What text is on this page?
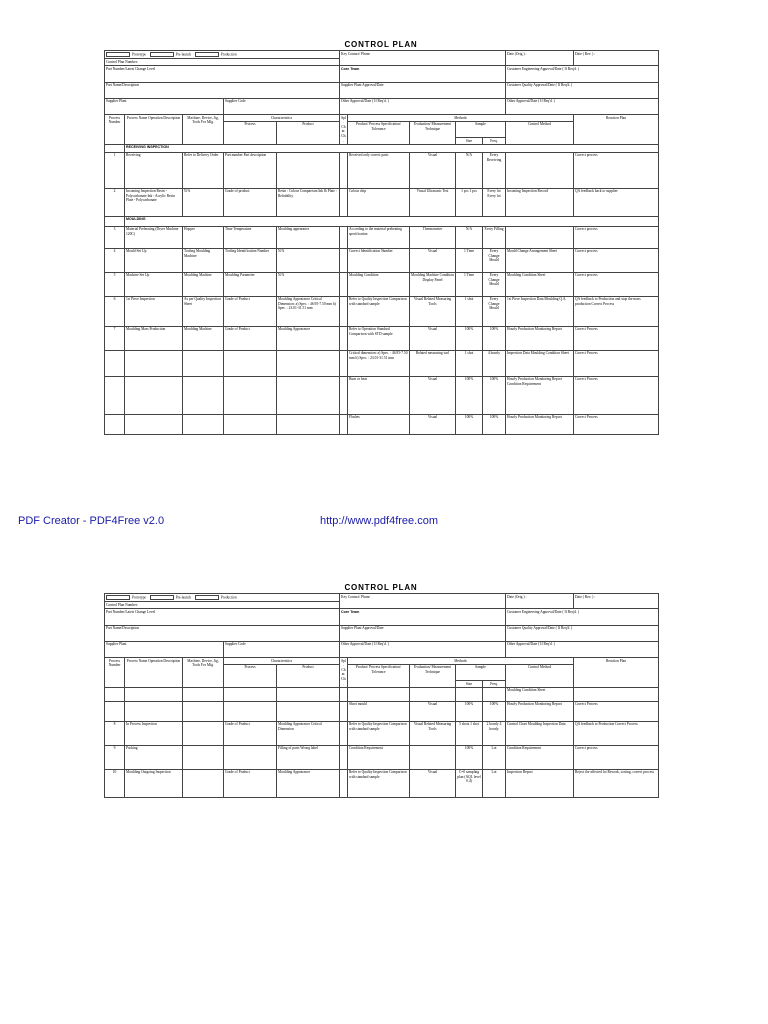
CONTROL PLAN
Prototype Pre-launch Production					Key Contact/ Phone					Date (Orig.) :	Date ( Rev. ) :
Control Plan Number:											
Part Number/Latest Change Level					Core Team					Customer Engineering Approval/Date ( If Req'd. )	
Part Name/Description					Supplier Plant Approval/Date					Customer Quality Approval/Date ( If Req'd. )	
Supplier Plant			Supplier Code		Other Approval/Date ( If Req'd. )					Other Approval/Date ( If Req'd. )	
Process Number	Process Name Operation Description	Machine, Device, Jig, Tools For Mfg.	Characteristics		Spl. Char. Cls.	Methods					Reaction Plan
			Process	Product		Product/ Process Specification/ Tolerance	Evaluation/ Measurement Technique	Sample		Control Method	
								Size	Freq.		
	RECEIVING INSPECTION										
1	Receiving	Refer to Delivery Order	Part number Part description			Received only correct parts	Visual	N/A	Every Receiving		Correct process
2	Incoming Inspection Resin - Polycarbonate Ink - Acrylic Resin Plate - Polycarbonate	N/A	Grade of product	Resin : Colour Comparison Ink & Plate : Reliability		Colour chip	Visual Ultrasonic Test	1 pcs 1 pcs	Every lot Every lot	Incoming Inspection Record	QA feedback back to supplier
	MOULDING										
3	Material Preheating (Dryer Machine 120C)	Hopper	Time Temperature	Moulding appearance		According to the material preheating specification	Thermometer	N/A	Every Filling		Correct process
4	Mould Set Up	Tooling Moulding Machine	Tooling Identification Number	N/A		Correct Identification Number	Visual	1 Time	Every Change Mould	Mould Change Arrangement Sheet	Correct process
5	Machine Set Up	Moulding Machine	Moulding Parameter	N/A		Moulding Condition	Moulding Machine Condition Display Panel	1 Time	Every Change Mould	Moulding Condition Sheet	Correct process
6	1st Piece Inspection	As per Quality Inspection Sheet	Grade of Product	Moulding Appearance Critical Dimension: a) Spec. : 46.95-7.50 mm b) Spec. : 23.01-31.51 mm		Refer to Quality Inspection Comparison with standard sample	Visual Related Measuring Tools	1 shot	Every Change Mould	1st Piece Inspection Data Moulding Q.A.	QA feedback to Production and stop the mass production Correct Process
7	Moulding Mass Production	Moulding Machine	Grade of Product	Moulding Appearance		Refer to Operation Standard Comparison with STD sample	Visual	100%	100%	Hourly Production Monitoring Report	Correct Process
						Critical dimension: a) Spec. : 46.95-7.50 mm b) Spec. : 23.01-31.51 mm	Related measuring tool	1 shot	4 hourly	Inspection Data Moulding Condition Sheet	Correct Process
						Burn or heat	Visual	100%	100%	Hourly Production Monitoring Report Condition Requirement	Correct Process
						Flashes	Visual	100%	100%	Hourly Production Monitoring Report	Correct Process
PDF Creator - PDF4Free v2.0	http://www.pdf4free.com
CONTROL PLAN
Prototype Pre-launch Production					Key Contact/ Phone					Date (Orig.) :	Date ( Rev. ) :
Control Plan Number:											
Part Number/Latest Change Level					Core Team					Customer Engineering Approval/Date ( If Req'd. )	
Part Name/Description					Supplier Plant Approval/Date					Customer Quality Approval/Date ( If Req'd. )	
Supplier Plant			Supplier Code		Other Approval/Date ( If Req'd. )					Other Approval/Date ( If Req'd. )	
Process Number	Process Name Operation Description	Machine, Device, Jig, Tools For Mfg.	Characteristics		Spl. Char. Cls.	Methods					Reaction Plan
			Process	Product		Product/ Process Specification/ Tolerance	Evaluation/ Measurement Technique	Sample		Control Method	
								Size	Freq.		
										Moulding Condition Sheet	
						Short mould	Visual	100%	100%	Hourly Production Monitoring Report	Correct Process
8	In Process Inspection		Grade of Product	Moulding Appearance Critical Dimension		Refer to Quality Inspection Comparison with standard sample	Visual Related Measuring Tools	5 shots 1 shot	2 hourly 4 hourly	Control Chart Moulding Inspection Data	QA feedback to Production Correct Process
9	Packing			Filling of parts Wrong label		Condition Requirement		100%	Lot	Condition Requirement	Correct process
10	Moulding Outgoing Inspection		Grade of Product	Moulding Appearance		Refer to Quality Inspection Comparison with standard sample	Visual	C=0 sampling plan (AQL level 0.4)	Lot	Inspection Report	Reject the affected lot Rework, sorting, correct process
